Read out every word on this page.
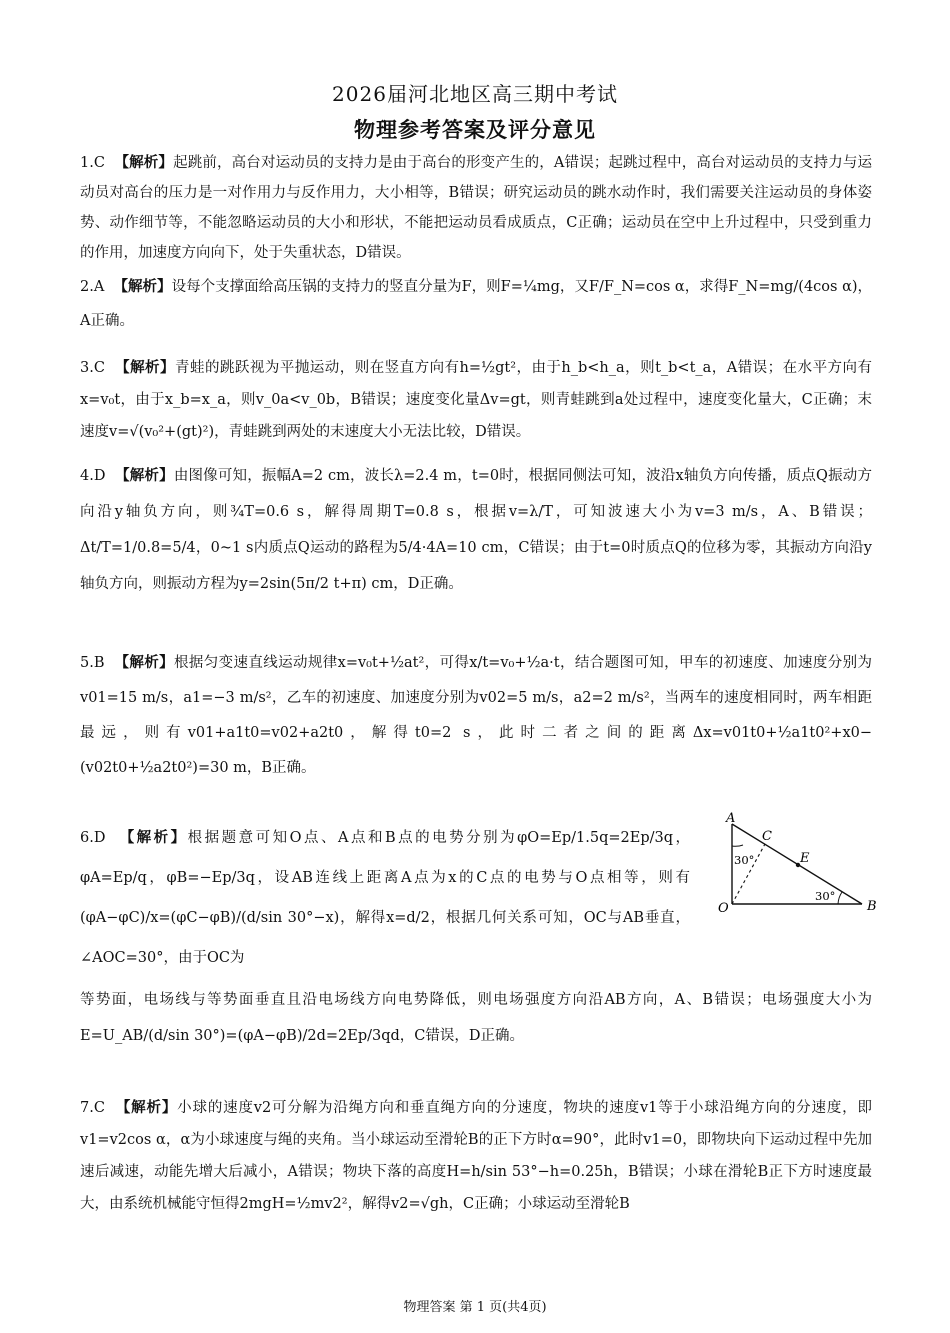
2026届河北地区高三期中考试
物理参考答案及评分意见

1.C 【解析】起跳前，高台对运动员的支持力是由于高台的形变产生的，A错误；起跳过程中，高台对运动员的支持力与运动员对高台的压力是一对作用力与反作用力，大小相等，B错误；研究运动员的跳水动作时，我们需要关注运动员的身体姿势、动作细节等，不能忽略运动员的大小和形状，不能把运动员看成质点，C正确；运动员在空中上升过程中，只受到重力的作用，加速度方向向下，处于失重状态，D错误。

2.A 【解析】设每个支撑面给高压锅的支持力的竖直分量为F，则F=¼mg，又F/F_N=cos α，求得F_N=mg/(4cos α)，A正确。

3.C 【解析】青蛙的跳跃视为平抛运动，则在竖直方向有h=½gt²，由于h_b<h_a，则t_b<t_a，A错误；在水平方向有x=v₀t，由于x_b=x_a，则v_0a<v_0b，B错误；速度变化量Δv=gt，则青蛙跳到a处过程中，速度变化量大，C正确；末速度v=√(v₀²+(gt)²)，青蛙跳到两处的末速度大小无法比较，D错误。

4.D 【解析】由图像可知，振幅A=2 cm，波长λ=2.4 m，t=0时，根据同侧法可知，波沿x轴负方向传播，质点Q振动方向沿y轴负方向，则¾T=0.6 s，解得周期T=0.8 s，根据v=λ/T，可知波速大小为v=3 m/s，A、B错误；Δt/T=1/0.8=5/4，0~1 s内质点Q运动的路程为5/4·4A=10 cm，C错误；由于t=0时质点Q的位移为零，其振动方向沿y轴负方向，则振动方程为y=2sin(5π/2 t+π) cm，D正确。

5.B 【解析】根据匀变速直线运动规律x=v₀t+½at²，可得x/t=v₀+½a·t，结合题图可知，甲车的初速度、加速度分别为v01=15 m/s，a1=−3 m/s²，乙车的初速度、加速度分别为v02=5 m/s，a2=2 m/s²，当两车的速度相同时，两车相距最远，则有v01+a1t0=v02+a2t0，解得t0=2 s，此时二者之间的距离Δx=v01t0+½a1t0²+x0−(v02t0+½a2t0²)=30 m，B正确。

6.D 【解析】根据题意可知O点、A点和B点的电势分别为φO=Ep/1.5q=2Ep/3q，φA=Ep/q，φB=−Ep/3q，设AB连线上距离A点为x的C点的电势与O点相等，则有(φA−φC)/x=(φC−φB)/(d/sin 30°−x)，解得x=d/2，根据几何关系可知，OC与AB垂直，∠AOC=30°，由于OC为

等势面，电场线与等势面垂直且沿电场线方向电势降低，则电场强度方向沿AB方向，A、B错误；电场强度大小为E=U_AB/(d/sin 30°)=(φA−φB)/2d=2Ep/3qd，C错误，D正确。

7.C 【解析】小球的速度v2可分解为沿绳方向和垂直绳方向的分速度，物块的速度v1等于小球沿绳方向的分速度，即v1=v2cos α，α为小球速度与绳的夹角。当小球运动至滑轮B的正下方时α=90°，此时v1=0，即物块向下运动过程中先加速后减速，动能先增大后减小，A错误；物块下落的高度H=h/sin 53°−h=0.25h，B错误；小球在滑轮B正下方时速度最大，由系统机械能守恒得2mgH=½mv2²，解得v2=√gh，C正确；小球运动至滑轮B

A
B
C
E
O
30°
30°
物理答案 第 1 页(共4页)
